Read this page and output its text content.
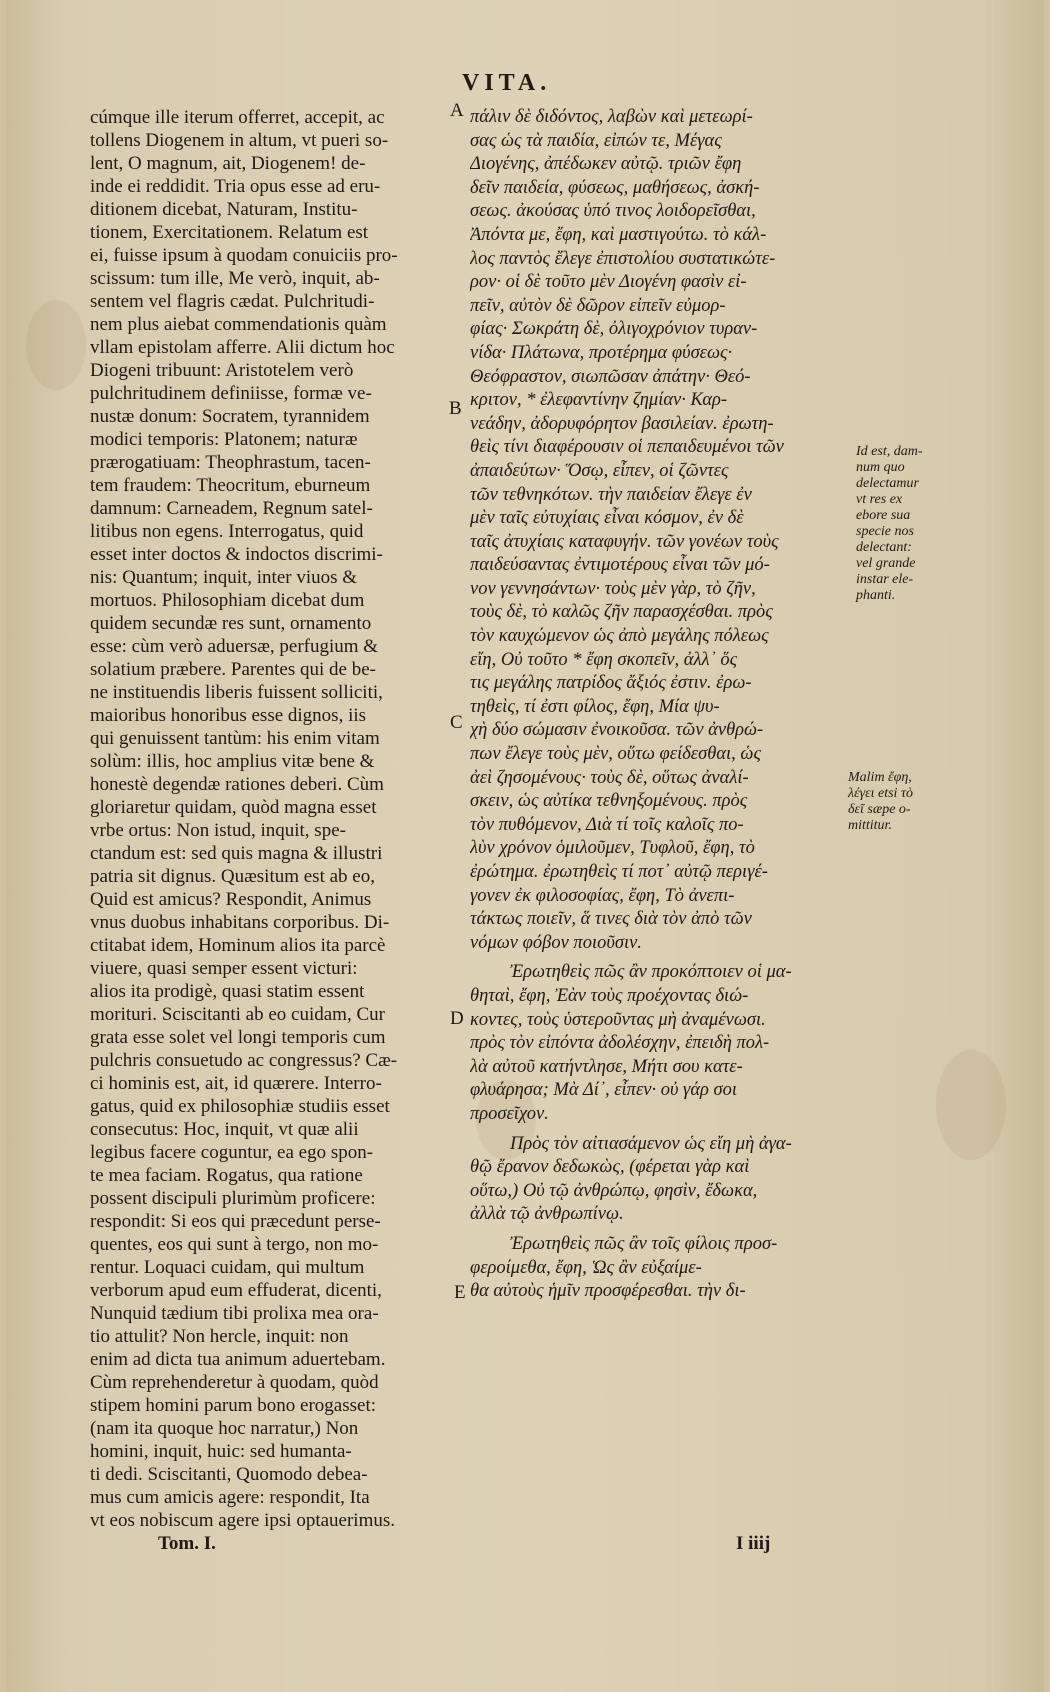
VITA.
cúmque ille iterum offerret, accepit, ac
tollens Diogenem in altum, vt pueri so-
lent, O magnum, ait, Diogenem! de-
inde ei reddidit. Tria opus esse ad eru-
ditionem dicebat, Naturam, Institu-
tionem, Exercitationem. Relatum est
ei, fuisse ipsum à quodam conuiciis pro-
scissum: tum ille, Me verò, inquit, ab-
sentem vel flagris cædat. Pulchritudi-
nem plus aiebat commendationis quàm
vllam epistolam afferre. Alii dictum hoc
Diogeni tribuunt: Aristotelem verò
pulchritudinem definiisse, formæ ve-
nustæ donum: Socratem, tyrannidem
modici temporis: Platonem; naturæ
prærogatiuam: Theophrastum, tacen-
tem fraudem: Theocritum, eburneum
damnum: Carneadem, Regnum satel-
litibus non egens. Interrogatus, quid
esset inter doctos & indoctos discrimi-
nis: Quantum; inquit, inter viuos &
mortuos. Philosophiam dicebat dum
quidem secundæ res sunt, ornamento
esse: cùm verò aduersæ, perfugium &
solatium præbere. Parentes qui de be-
ne instituendis liberis fuissent solliciti,
maioribus honoribus esse dignos, iis
qui genuissent tantùm: his enim vitam
solùm: illis, hoc amplius vitæ bene &
honestè degendæ rationes deberi. Cùm
gloriaretur quidam, quòd magna esset
vrbe ortus: Non istud, inquit, spe-
ctandum est: sed quis magna & illustri
patria sit dignus. Quæsitum est ab eo,
Quid est amicus? Respondit, Animus
vnus duobus inhabitans corporibus. Di-
ctitabat idem, Hominum alios ita parcè
viuere, quasi semper essent victuri:
alios ita prodigè, quasi statim essent
morituri. Sciscitanti ab eo cuidam, Cur
grata esse solet vel longi temporis cum
pulchris consuetudo ac congressus? Cæ-
ci hominis est, ait, id quærere. Interro-
gatus, quid ex philosophiæ studiis esset
consecutus: Hoc, inquit, vt quæ alii
legibus facere coguntur, ea ego spon-
te mea faciam. Rogatus, qua ratione
possent discipuli plurimùm proficere:
respondit: Si eos qui præcedunt perse-
quentes, eos qui sunt à tergo, non mo-
rentur. Loquaci cuidam, qui multum
verborum apud eum effuderat, dicenti,
Nunquid tædium tibi prolixa mea ora-
tio attulit? Non hercle, inquit: non
enim ad dicta tua animum aduertebam.
Cùm reprehenderetur à quodam, quòd
stipem homini parum bono erogasset:
(nam ita quoque hoc narratur,) Non
homini, inquit, huic: sed humanta-
ti dedi. Sciscitanti, Quomodo debea-
mus cum amicis agere: respondit, Ita
vt eos nobiscum agere ipsi optauerimus.
πάλιν δὲ διδόντος, λαβὼν καὶ μετεωρί-
σας ὡς τὰ παιδία, εἰπών τε, Μέγας
Διογένης, ἀπέδωκεν αὐτῷ. τριῶν ἔφη
δεῖν παιδεία, φύσεως, μαθήσεως, ἀσκή-
σεως. ἀκούσας ὑπό τινος λοιδορεῖσθαι,
Ἀπόντα με, ἔφη, καὶ μαστιγούτω. τὸ κάλ-
λος παντὸς ἔλεγε ἐπιστολίου συστατικώτε-
ρον· οἱ δὲ τοῦτο μὲν Διογένη φασὶν εἰ-
πεῖν, αὐτὸν δὲ δῶρον εἰπεῖν εὐμορ-
φίας· Σωκράτη δὲ, ὀλιγοχρόνιον τυραν-
νίδα· Πλάτωνα, προτέρημα φύσεως·
Θεόφραστον, σιωπῶσαν ἀπάτην· Θεό-
κριτον, * ἐλεφαντίνην ζημίαν· Καρ-
νεάδην, ἀδορυφόρητον βασιλείαν. ἐρωτη-
θεὶς τίνι διαφέρουσιν οἱ πεπαιδευμένοι τῶν
ἀπαιδεύτων· Ὅσῳ, εἶπεν, οἱ ζῶντες
τῶν τεθνηκότων. τὴν παιδείαν ἔλεγε ἐν
μὲν ταῖς εὐτυχίαις εἶναι κόσμον, ἐν δὲ
ταῖς ἀτυχίαις καταφυγήν. τῶν γονέων τοὺς
παιδεύσαντας ἐντιμοτέρους εἶναι τῶν μό-
νον γεννησάντων· τοὺς μὲν γὰρ, τὸ ζῆν,
τοὺς δὲ, τὸ καλῶς ζῆν παρασχέσθαι. πρὸς
τὸν καυχώμενον ὡς ἀπὸ μεγάλης πόλεως
εἴη, Οὐ τοῦτο * ἔφη σκοπεῖν, ἀλλ᾽ ὅς
τις μεγάλης πατρίδος ἄξιός ἐστιν. ἐρω-
τηθεὶς, τί ἐστι φίλος, ἔφη, Μία ψυ-
χὴ δύο σώμασιν ἐνοικοῦσα. τῶν ἀνθρώ-
πων ἔλεγε τοὺς μὲν, οὕτω φείδεσθαι, ὡς
ἀεὶ ζησομένους· τοὺς δὲ, οὕτως ἀναλί-
σκειν, ὡς αὐτίκα τεθνηξομένους. πρὸς
τὸν πυθόμενον, Διὰ τί τοῖς καλοῖς πο-
λὺν χρόνον ὁμιλοῦμεν, Τυφλοῦ, ἔφη, τὸ
ἐρώτημα. ἐρωτηθεὶς τί ποτ᾽ αὐτῷ περιγέ-
γονεν ἐκ φιλοσοφίας, ἔφη, Τὸ ἀνεπι-
τάκτως ποιεῖν, ἅ τινες διὰ τὸν ἀπὸ τῶν
νόμων φόβον ποιοῦσιν.
Ἐρωτηθεὶς πῶς ἂν προκόπτοιεν οἱ μα-
θηταὶ, ἔφη, Ἐὰν τοὺς προέχοντας διώ-
κοντες, τοὺς ὑστεροῦντας μὴ ἀναμένωσι.
πρὸς τὸν εἰπόντα ἀδολέσχην, ἐπειδὴ πολ-
λὰ αὐτοῦ κατήντλησε, Μήτι σου κατε-
φλυάρησα; Μὰ Δί᾽, εἶπεν· οὐ γάρ σοι
προσεῖχον.
Πρὸς τὸν αἰτιασάμενον ὡς εἴη μὴ ἀγα-
θῷ ἔρανον δεδωκὼς, (φέρεται γὰρ καὶ
οὕτω,) Οὐ τῷ ἀνθρώπῳ, φησὶν, ἔδωκα,
ἀλλὰ τῷ ἀνθρωπίνῳ.
Ἐρωτηθεὶς πῶς ἂν τοῖς φίλοις προσ-
φεροίμεθα, ἔφη, Ὡς ἂν εὐξαίμε-
θα αὐτοὺς ἡμῖν προσφέρεσθαι. τὴν δι-
A
B
C
D
E
Id est, dam-
num quo
delectamur
vt res ex
ebore sua
specie nos
delectant:
vel grande
instar ele-
phanti.
Malim ἔφη,
λέγει etsi τὸ
δεῖ sæpe o-
mittitur.
Tom. I.	I iiij
